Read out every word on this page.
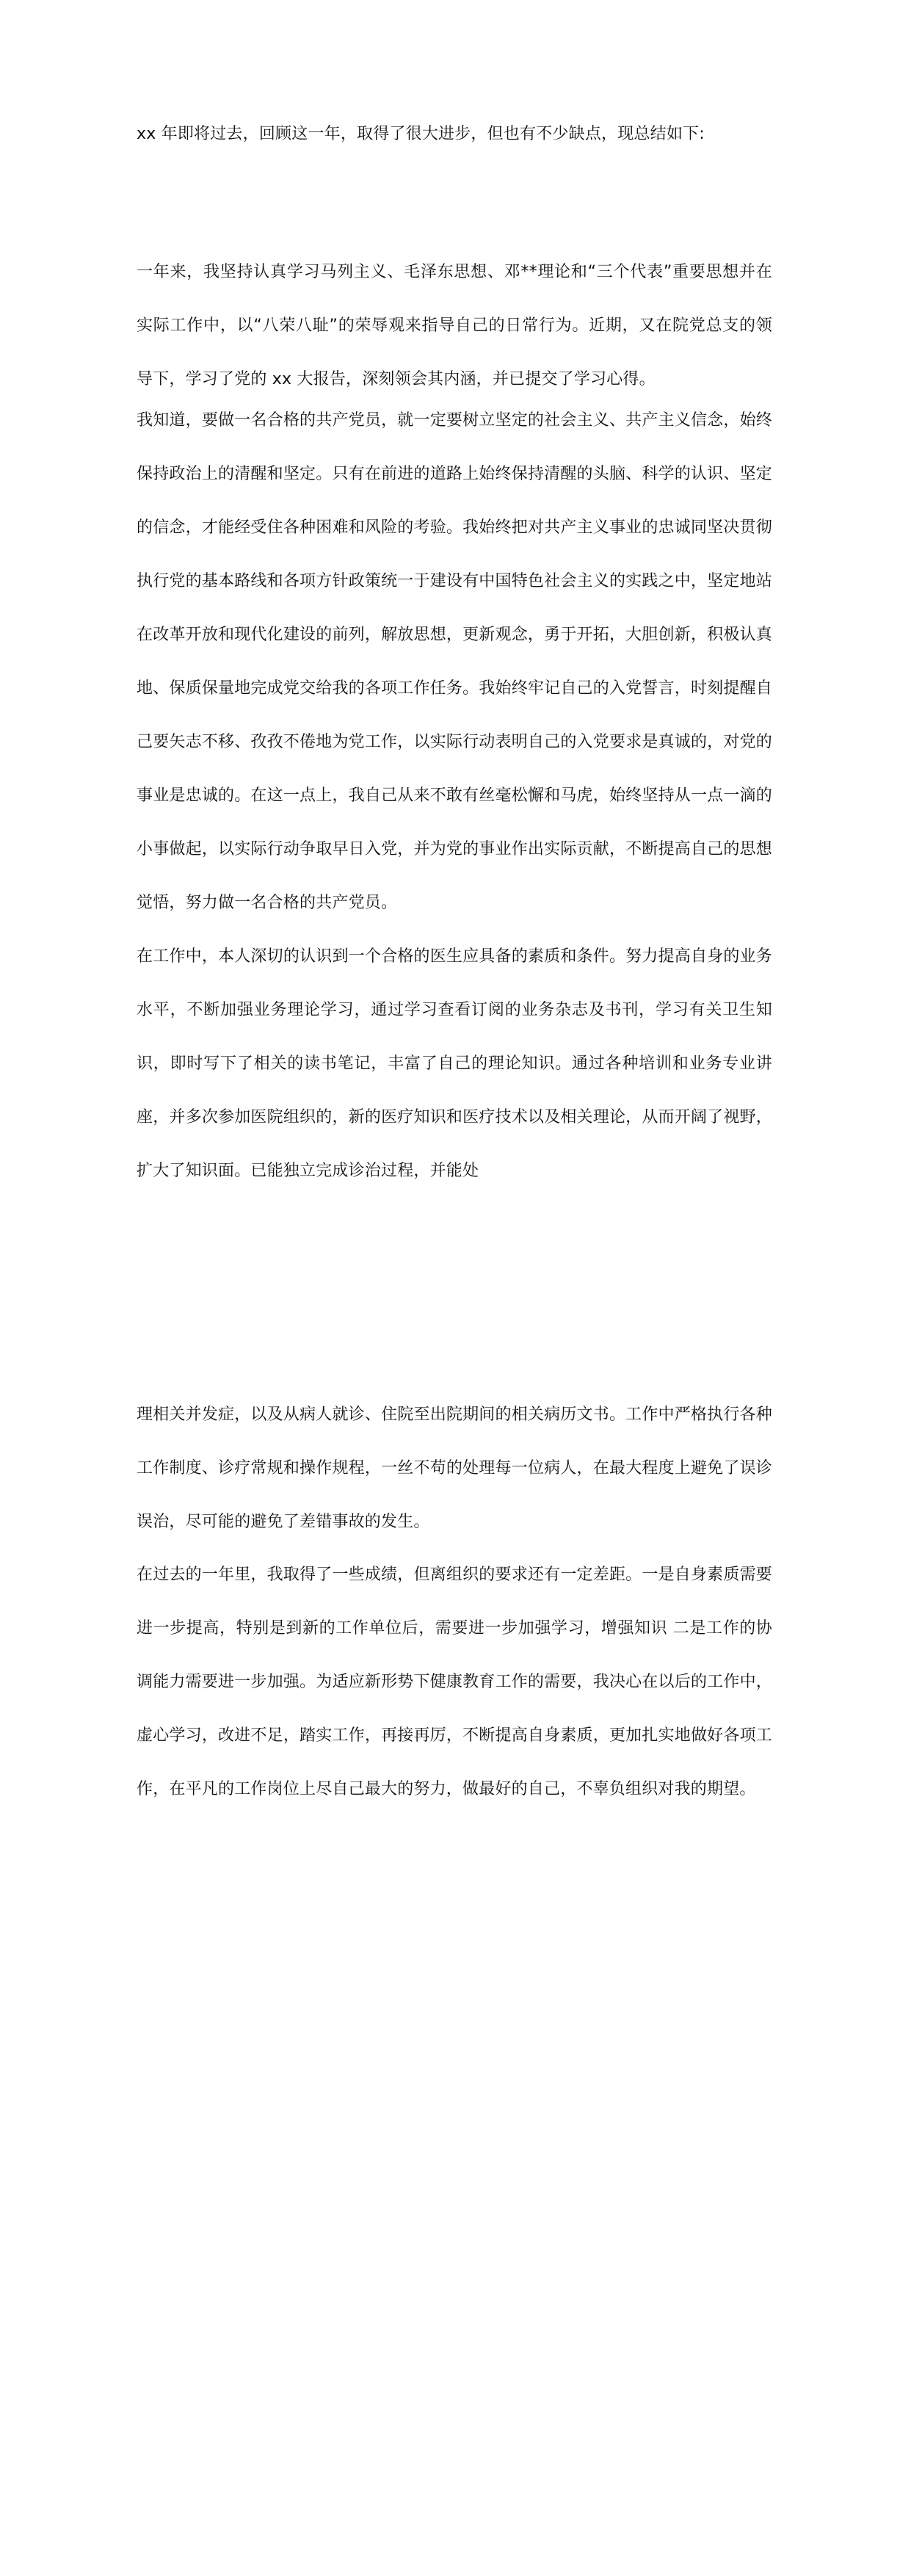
xx 年即将过去，回顾这一年，取得了很大进步，但也有不少缺点，现总结如下:

一年来，我坚持认真学习马列主义、毛泽东思想、邓**理论和“三个代表”重要思想并在实际工作中，以“八荣八耻”的荣辱观来指导自己的日常行为。近期，又在院党总支的领导下，学习了党的 xx 大报告，深刻领会其内涵，并已提交了学习心得。

我知道，要做一名合格的共产党员，就一定要树立坚定的社会主义、共产主义信念，始终保持政治上的清醒和坚定。只有在前进的道路上始终保持清醒的头脑、科学的认识、坚定的信念，才能经受住各种困难和风险的考验。我始终把对共产主义事业的忠诚同坚决贯彻执行党的基本路线和各项方针政策统一于建设有中国特色社会主义的实践之中，坚定地站在改革开放和现代化建设的前列，解放思想，更新观念，勇于开拓，大胆创新，积极认真地、保质保量地完成党交给我的各项工作任务。我始终牢记自己的入党誓言，时刻提醒自己要矢志不移、孜孜不倦地为党工作，以实际行动表明自己的入党要求是真诚的，对党的事业是忠诚的。在这一点上，我自己从来不敢有丝毫松懈和马虎，始终坚持从一点一滴的小事做起，以实际行动争取早日入党，并为党的事业作出实际贡献，不断提高自己的思想觉悟，努力做一名合格的共产党员。

在工作中，本人深切的认识到一个合格的医生应具备的素质和条件。努力提高自身的业务水平，不断加强业务理论学习，通过学习查看订阅的业务杂志及书刊，学习有关卫生知识，即时写下了相关的读书笔记，丰富了自己的理论知识。通过各种培训和业务专业讲座，并多次参加医院组织的，新的医疗知识和医疗技术以及相关理论，从而开阔了视野，扩大了知识面。已能独立完成诊治过程，并能处

理相关并发症，以及从病人就诊、住院至出院期间的相关病历文书。工作中严格执行各种工作制度、诊疗常规和操作规程，一丝不苟的处理每一位病人，在最大程度上避免了误诊误治，尽可能的避免了差错事故的发生。

在过去的一年里，我取得了一些成绩，但离组织的要求还有一定差距。一是自身素质需要进一步提高，特别是到新的工作单位后，需要进一步加强学习，增强知识 二是工作的协调能力需要进一步加强。为适应新形势下健康教育工作的需要，我决心在以后的工作中，虚心学习，改进不足，踏实工作，再接再厉，不断提高自身素质，更加扎实地做好各项工作，在平凡的工作岗位上尽自己最大的努力，做最好的自己，不辜负组织对我的期望。
